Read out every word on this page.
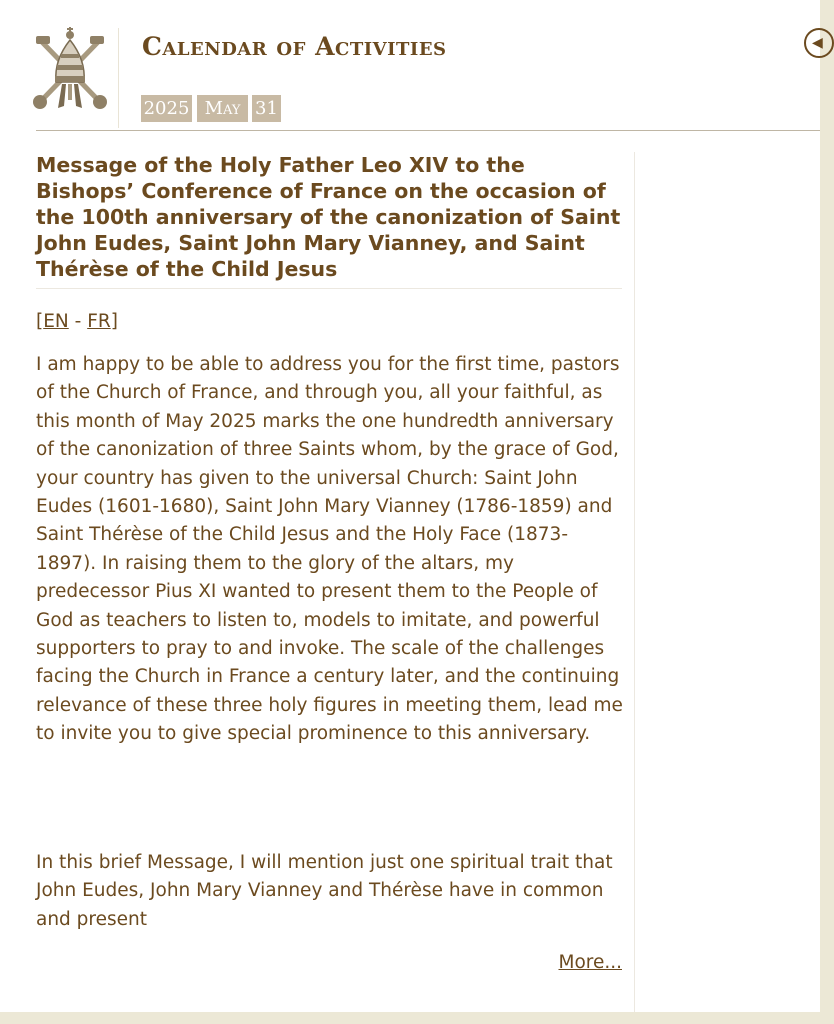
Calendar of Activities	◀
2025 May 31
Message of the Holy Father Leo XIV to the Bishops’ Conference of France on the occasion of the 100th anniversary of the canonization of Saint John Eudes, Saint John Mary Vianney, and Saint Thérèse of the Child Jesus
[EN - FR]

I am happy to be able to address you for the first time, pastors of the Church of France, and through you, all your faithful, as this month of May 2025 marks the one hundredth anniversary of the canonization of three Saints whom, by the grace of God, your country has given to the universal Church: Saint John Eudes (1601-1680), Saint John Mary Vianney (1786-1859) and Saint Thérèse of the Child Jesus and the Holy Face (1873-1897). In raising them to the glory of the altars, my predecessor Pius XI wanted to present them to the People of God as teachers to listen to, models to imitate, and powerful supporters to pray to and invoke. The scale of the challenges facing the Church in France a century later, and the continuing relevance of these three holy figures in meeting them, lead me to invite you to give special prominence to this anniversary.

In this brief Message, I will mention just one spiritual trait that John Eudes, John Mary Vianney and Thérèse have in common and present

More...
